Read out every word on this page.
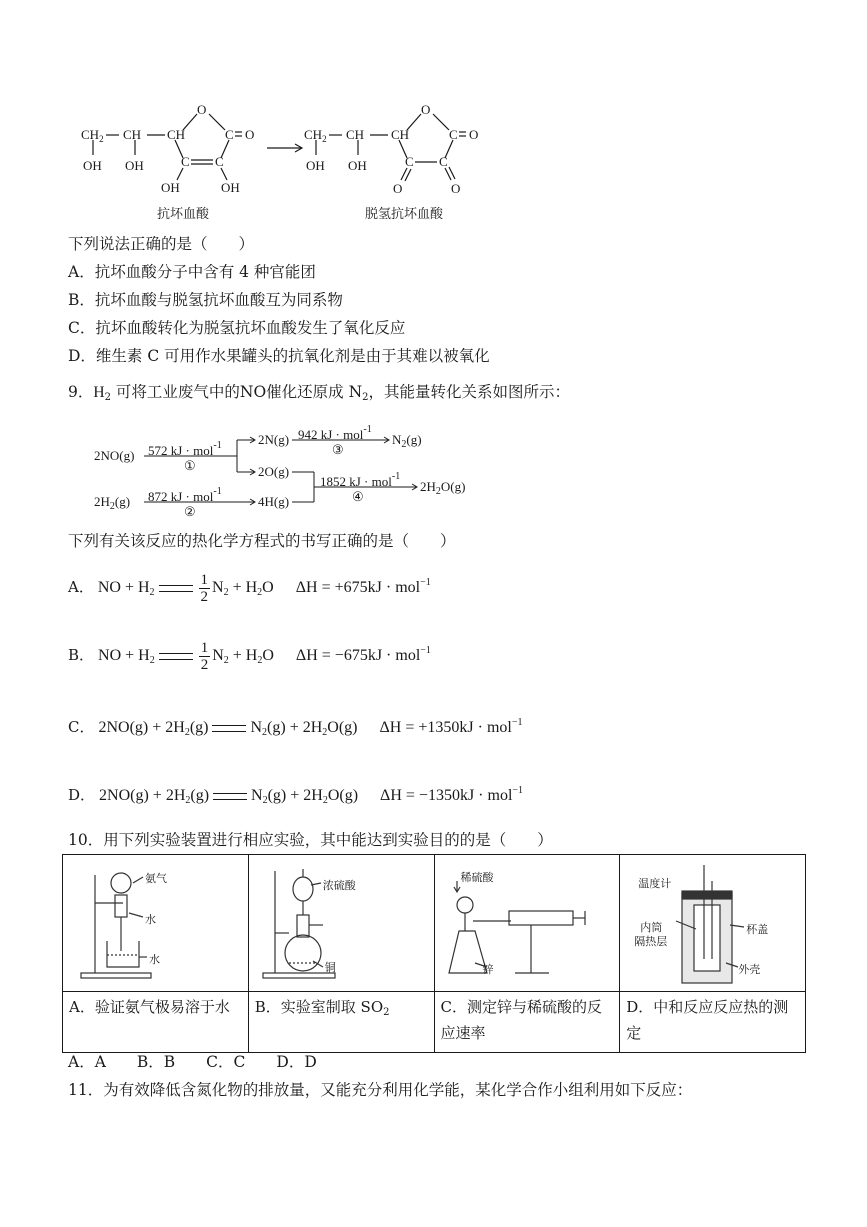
$CH_2$ CH CH
O
C O
C C
OH OH
OH	OH
$CH_2$ CH CH
O
C O
C C
OH OH
O	O
抗坏血酸	脱氢抗坏血酸
下列说法正确的是（　　）
A．抗坏血酸分子中含有 4 种官能团
B．抗坏血酸与脱氢抗坏血酸互为同系物
C．抗坏血酸转化为脱氢抗坏血酸发生了氧化反应
D．维生素 C 可用作水果罐头的抗氧化剂是由于其难以被氧化
9．$H_2$ 可将工业废气中的NO催化还原成 $N_2$，其能量转化关系如图所示：
2NO(g)
$2H_2(g)$
572 kJ · mol$^{-1}$
①
872 kJ · mol$^{-1}$
②
2N(g)
2O(g)
4H(g)
942 kJ · mol$^{-1}$
③
$N_2(g)$
1852 kJ · mol$^{-1}$
④
$2H_2O(g)$
下列有关该反应的热化学方程式的书写正确的是（　　）
A． NO + $H_2$	$\frac{1}{2} N_2 + H_2O$ ΔH = +675kJ · mol$^{-1}$
B． NO + $H_2$	$\frac{1}{2} N_2 + H_2O$ ΔH = −675kJ · mol$^{-1}$
C． $2NO(g) + 2H_2(g)$	$N_2(g) + 2H_2O(g) \Delta H = +1350kJ \cdot mol^{-1}$
D． $2NO(g) + 2H_2(g)$	$N_2(g) + 2H_2O(g) \Delta H = -1350kJ \cdot mol^{-1}$
10．用下列实验装置进行相应实验，其中能达到实验目的的是（　　）
氨气
水
水	浓硫酸
铜	稀硫酸
锌	温度计
内筒
隔热层
杯盖
外壳

A．验证氨气极易溶于水	B．实验室制取 $SO_2$	C．测定锌与稀硫酸的反应速率	D．中和反应反应热的测定
A．A　　B．B　　C．C　　D．D
11．为有效降低含氮化物的排放量，又能充分利用化学能，某化学合作小组利用如下反应：
